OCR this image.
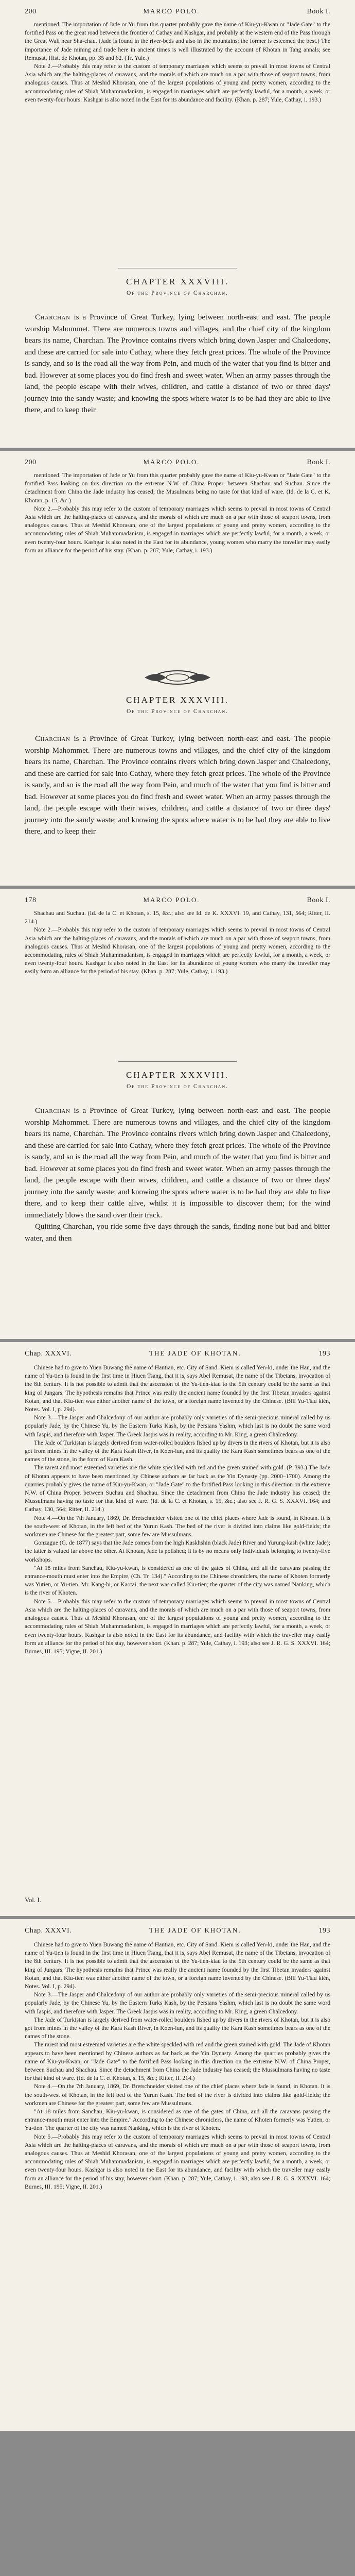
200	MARCO POLO.	Book I.

mentioned. The importation of Jade or Yu from this quarter probably gave the name of Kiu-yu-Kwan or "Jade Gate" to the fortified Pass on the great road between the frontier of Cathay and Kashgar, and probably at the western end of the Pass through the Great Wall near Sha-chau. (Jade is found in the river-beds and also in the mountains; the former is esteemed the best.) The importance of Jade mining and trade here in ancient times is well illustrated by the account of Khotan in Tang annals; see Remusat, Hist. de Khotan, pp. 35 and 62. (Tr. Yule.)

Note 2.—Probably this may refer to the custom of temporary marriages which seems to prevail in most towns of Central Asia which are the halting-places of caravans, and the morals of which are much on a par with those of seaport towns, from analogous causes. Thus at Meshid Khorasan, one of the largest populations of young and pretty women, according to the accommodating rules of Shiah Muhammadanism, is engaged in marriages which are perfectly lawful, for a month, a week, or even twenty-four hours. Kashgar is also noted in the East for its abundance and facility. (Khan. p. 287; Yule, Cathay, i. 193.)

CHAPTER XXXVIII.

Of the Province of Charchan.

Charchan is a Province of Great Turkey, lying between north-east and east. The people worship Mahommet. There are numerous towns and villages, and the chief city of the kingdom bears its name, Charchan. The Province contains rivers which bring down Jasper and Chalcedony, and these are carried for sale into Cathay, where they fetch great prices. The whole of the Province is sandy, and so is the road all the way from Pein, and much of the water that you find is bitter and bad. However at some places you do find fresh and sweet water. When an army passes through the land, the people escape with their wives, children, and cattle a distance of two or three days' journey into the sandy waste; and knowing the spots where water is to be had they are able to live there, and to keep their

200	MARCO POLO.	Book I.

mentioned. The importation of Jade or Yu from this quarter probably gave the name of Kiu-yu-Kwan or "Jade Gate" to the fortified Pass looking on this direction on the extreme N.W. of China Proper, between Shachau and Suchau. Since the detachment from China the Jade industry has ceased; the Musulmans being no taste for that kind of ware. (Id. de la C. et K. Khotan, p. 15, &c.)

Note 2.—Probably this may refer to the custom of temporary marriages which seems to prevail in most towns of Central Asia which are the halting-places of caravans, and the morals of which are much on a par with those of seaport towns, from analogous causes. Thus at Meshid Khorasan, one of the largest populations of young and pretty women, according to the accommodating rules of Shiah Muhammadanism, is engaged in marriages which are perfectly lawful, for a month, a week, or even twenty-four hours. Kashgar is also noted in the East for its abundance, young women who marry the traveller may easily form an alliance for the period of his stay. (Khan. p. 287; Yule, Cathay, i. 193.)

CHAPTER XXXVIII.

Of the Province of Charchan.

Charchan is a Province of Great Turkey, lying between north-east and east. The people worship Mahommet. There are numerous towns and villages, and the chief city of the kingdom bears its name, Charchan. The Province contains rivers which bring down Jasper and Chalcedony, and these are carried for sale into Cathay, where they fetch great prices. The whole of the Province is sandy, and so is the road all the way from Pein, and much of the water that you find is bitter and bad. However at some places you do find fresh and sweet water. When an army passes through the land, the people escape with their wives, children, and cattle a distance of two or three days' journey into the sandy waste; and knowing the spots where water is to be had they are able to live there, and to keep their

178	MARCO POLO.	Book I.

Shachau and Suchau. (Id. de la C. et Khotan, s. 15, &c.; also see Id. de K. XXXVI. 19, and Cathay, 131, 564; Ritter, II. 214.)

Note 2.—Probably this may refer to the custom of temporary marriages which seems to prevail in most towns of Central Asia which are the halting-places of caravans, and the morals of which are much on a par with those of seaport towns, from analogous causes. Thus at Meshid Khorasan, one of the largest populations of young and pretty women, according to the accommodating rules of Shiah Muhammadanism, is engaged in marriages which are perfectly lawful, for a month, a week, or even twenty-four hours. Kashgar is also noted in the East for its abundance of young women who marry the traveller may easily form an alliance for the period of his stay. (Khan. p. 287; Yule, Cathay, i. 193.)

CHAPTER XXXVIII.

Of the Province of Charchan.

Charchan is a Province of Great Turkey, lying between north-east and east. The people worship Mahommet. There are numerous towns and villages, and the chief city of the kingdom bears its name, Charchan. The Province contains rivers which bring down Jasper and Chalcedony, and these are carried for sale into Cathay, where they fetch great prices. The whole of the Province is sandy, and so is the road all the way from Pein, and much of the water that you find is bitter and bad. However at some places you do find fresh and sweet water. When an army passes through the land, the people escape with their wives, children, and cattle a distance of two or three days' journey into the sandy waste; and knowing the spots where water is to be had they are able to live there, and to keep their cattle alive, whilst it is impossible to discover them; for the wind immediately blows the sand over their track.

Quitting Charchan, you ride some five days through the sands, finding none but bad and bitter water, and then

Chap. XXXVI.	THE JADE OF KHOTAN.	193

Chinese had to give to Yuen Buwang the name of Hantian, etc. City of Sand. Kiem is called Yen-ki, under the Han, and the name of Yu-tien is found in the first time in Hiuen Tsang, that it is, says Abel Remusat, the name of the Tibetans, invocation of the 8th century. It is not possible to admit that the ascension of the Yu-tien-kiau to the 5th century could be the same as that king of Jungars. The hypothesis remains that Prince was really the ancient name founded by the first Tibetan invaders against Kotan, and that Kiu-tien was either another name of the town, or a foreign name invented by the Chinese. (Bill Yu-Tiau kién, Notes. Vol. I, p. 294).

Note 3.—The Jasper and Chalcedony of our author are probably only varieties of the semi-precious mineral called by us popularly Jade, by the Chinese Yu, by the Eastern Turks Kash, by the Persians Yashm, which last is no doubt the same word with Iaspis, and therefore with Jasper. The Greek Jaspis was in reality, according to Mr. King, a green Chalcedony.

The Jade of Turkistan is largely derived from water-rolled boulders fished up by divers in the rivers of Khotan, but it is also got from mines in the valley of the Kara Kash River, in Koen-lun, and its quality the Kara Kash sometimes bears as one of the names of the stone, in the form of Kara Kash.

The rarest and most esteemed varieties are the white speckled with red and the green stained with gold. (P. 393.) The Jade of Khotan appears to have been mentioned by Chinese authors as far back as the Yin Dynasty (pp. 2000–1700). Among the quarries probably gives the name of Kiu-yu-Kwan, or "Jade Gate" to the fortified Pass looking in this direction on the extreme N.W. of China Proper, between Suchau and Shachau. Since the detachment from China the Jade industry has ceased; the Mussulmans having no taste for that kind of ware. (Id. de la C. et Khotan, s. 15, &c.; also see J. R. G. S. XXXVI. 164; and Cathay, 130, 564; Ritter, II. 214.)

Note 4.—On the 7th January, 1869, Dr. Bretschneider visited one of the chief places where Jade is found, in Khotan. It is the south-west of Khotan, in the left bed of the Yurun Kash. The bed of the river is divided into claims like gold-fields; the workmen are Chinese for the greatest part, some few are Mussulmans.

Gonzague (G. de 1877) says that the Jade comes from the high Kaskhshin (black Jade) River and Yurung-kash (white Jade); the latter is valued far above the other. At Khotan, Jade is polished; it is by no means only individuals belonging to twenty-five workshops.

"At 18 miles from Sanchau, Kiu-yu-kwan, is considered as one of the gates of China, and all the caravans passing the entrance-mouth must enter into the Empire, (Ch. Tr. 134)." According to the Chinese chroniclers, the name of Khoten formerly was Yutien, or Yu-tien. Mr. Kang-hi, or Kaotai, the next was called Kiu-tien; the quarter of the city was named Nanking, which is the river of Khoten.

Note 5.—Probably this may refer to the custom of temporary marriages which seems to prevail in most towns of Central Asia which are the halting-places of caravans, and the morals of which are much on a par with those of seaport towns, from analogous causes. Thus at Meshid Khorasan, one of the largest populations of young and pretty women, according to the accommodating rules of Shiah Muhammadanism, is engaged in marriages which are perfectly lawful, for a month, a week, or even twenty-four hours. Kashgar is also noted in the East for its abundance, and facility with which the traveller may easily form an alliance for the period of his stay, however short. (Khan. p. 287; Yule, Cathay, i. 193; also see J. R. G. S. XXXVI. 164; Burnes, III. 195; Vigne, II. 201.)

Vol. I.
Chap. XXXVI.	THE JADE OF KHOTAN.	193

Chinese had to give to Yuen Buwang the name of Hantian, etc. City of Sand. Kiem is called Yen-ki, under the Han, and the name of Yu-tien is found in the first time in Hiuen Tsang, that it is, says Abel Remusat, the name of the Tibetans, invocation of the 8th century. It is not possible to admit that the ascension of the Yu-tien-kiau to the 5th century could be the same as that king of Jungars. The hypothesis remains that Prince was really the ancient name founded by the first Tibetan invaders against Kotan, and that Kiu-tien was either another name of the town, or a foreign name invented by the Chinese. (Bill Yu-Tiau kién, Notes. Vol. I, p. 294).

Note 3.—The Jasper and Chalcedony of our author are probably only varieties of the semi-precious mineral called by us popularly Jade, by the Chinese Yu, by the Eastern Turks Kash, by the Persians Yashm, which last is no doubt the same word with Iaspis, and therefore with Jasper. The Greek Jaspis was in reality, according to Mr. King, a green Chalcedony.

The Jade of Turkistan is largely derived from water-rolled boulders fished up by divers in the rivers of Khotan, but it is also got from mines in the valley of the Kara Kash River, in Koen-lun, and its quality the Kara Kash sometimes bears as one of the names of the stone.

The rarest and most esteemed varieties are the white speckled with red and the green stained with gold. The Jade of Khotan appears to have been mentioned by Chinese authors as far back as the Yin Dynasty. Among the quarries probably gives the name of Kiu-yu-Kwan, or "Jade Gate" to the fortified Pass looking in this direction on the extreme N.W. of China Proper, between Suchau and Shachau. Since the detachment from China the Jade industry has ceased; the Mussulmans having no taste for that kind of ware. (Id. de la C. et Khotan, s. 15, &c.; Ritter, II. 214.)

Note 4.—On the 7th January, 1869, Dr. Bretschneider visited one of the chief places where Jade is found, in Khotan. It is the south-west of Khotan, in the left bed of the Yurun Kash. The bed of the river is divided into claims like gold-fields; the workmen are Chinese for the greatest part, some few are Mussulmans.

"At 18 miles from Sanchau, Kiu-yu-kwan, is considered as one of the gates of China, and all the caravans passing the entrance-mouth must enter into the Empire." According to the Chinese chroniclers, the name of Khoten formerly was Yutien, or Yu-tien. The quarter of the city was named Nanking, which is the river of Khoten.

Note 5.—Probably this may refer to the custom of temporary marriages which seems to prevail in most towns of Central Asia which are the halting-places of caravans, and the morals of which are much on a par with those of seaport towns, from analogous causes. Thus at Meshid Khorasan, one of the largest populations of young and pretty women, according to the accommodating rules of Shiah Muhammadanism, is engaged in marriages which are perfectly lawful, for a month, a week, or even twenty-four hours. Kashgar is also noted in the East for its abundance, and facility with which the traveller may easily form an alliance for the period of his stay, however short. (Khan. p. 287; Yule, Cathay, i. 193; also see J. R. G. S. XXXVI. 164; Burnes, III. 195; Vigne, II. 201.)
